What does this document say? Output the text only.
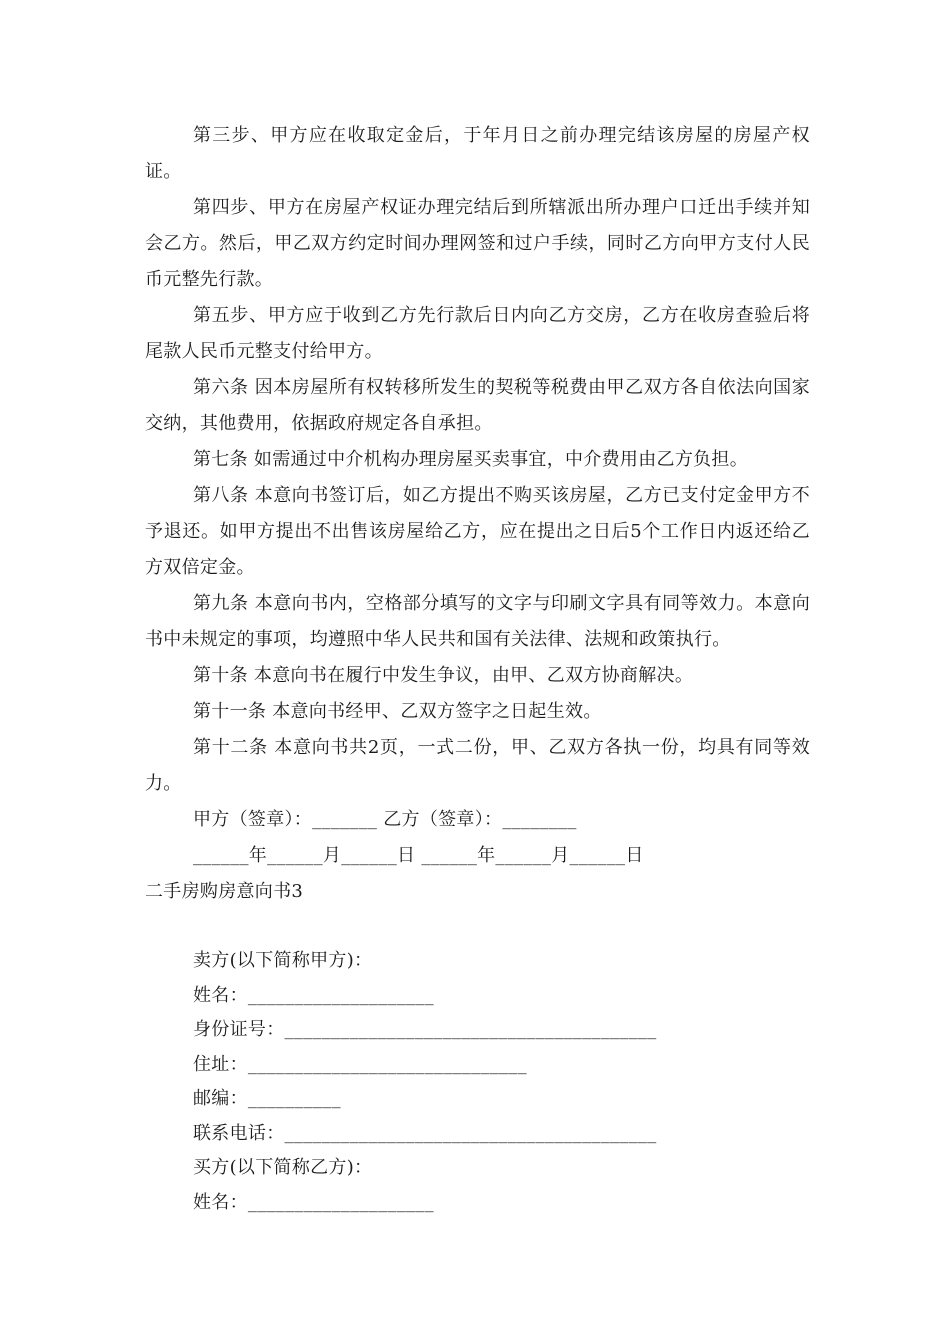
第三步、甲方应在收取定金后，于年月日之前办理完结该房屋的房屋产权证。

第四步、甲方在房屋产权证办理完结后到所辖派出所办理户口迁出手续并知会乙方。然后，甲乙双方约定时间办理网签和过户手续，同时乙方向甲方支付人民币元整先行款。

第五步、甲方应于收到乙方先行款后日内向乙方交房，乙方在收房查验后将尾款人民币元整支付给甲方。

第六条 因本房屋所有权转移所发生的契税等税费由甲乙双方各自依法向国家交纳，其他费用，依据政府规定各自承担。

第七条 如需通过中介机构办理房屋买卖事宜，中介费用由乙方负担。

第八条 本意向书签订后，如乙方提出不购买该房屋，乙方已支付定金甲方不予退还。如甲方提出不出售该房屋给乙方，应在提出之日后5个工作日内返还给乙方双倍定金。

第九条 本意向书内，空格部分填写的文字与印刷文字具有同等效力。本意向书中未规定的事项，均遵照中华人民共和国有关法律、法规和政策执行。

第十条 本意向书在履行中发生争议，由甲、乙双方协商解决。

第十一条 本意向书经甲、乙双方签字之日起生效。

第十二条 本意向书共2页，一式二份，甲、乙双方各执一份，均具有同等效力。

甲方（签章）：_______ 乙方（签章）：________

______年______月______日 ______年______月______日

二手房购房意向书3

卖方(以下简称甲方)：

姓名：____________________

身份证号：________________________________________

住址：______________________________

邮编：__________

联系电话：________________________________________

买方(以下简称乙方)：

姓名：____________________
